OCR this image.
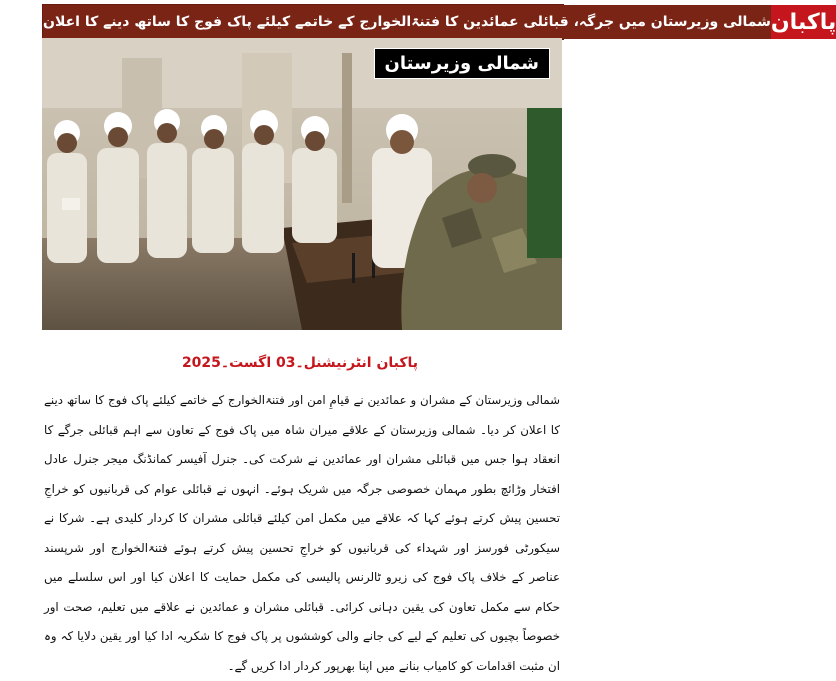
شمالی وزیرستان میں جرگہ، قبائلی عمائدین کا فتنۃالخوارج کے خاتمے کیلئے پاک فوج کا ساتھ دینے کا اعلان پاکبان
شمالی وزیرستان
پاکبان انٹرنیشنل۔03 اگست۔2025

شمالی وزیرستان کے مشران و عمائدین نے قیامِ امن اور فتنۃالخوارج کے خاتمے کیلئے پاک فوج کا ساتھ دینے کا اعلان کر دیا۔ شمالی وزیرستان کے علاقے میران شاہ میں پاک فوج کے تعاون سے اہم قبائلی جرگے کا انعقاد ہوا جس میں قبائلی مشران اور عمائدین نے شرکت کی۔ جنرل آفیسر کمانڈنگ میجر جنرل عادل افتخار وڑائچ بطور مہمان خصوصی جرگہ میں شریک ہوئے۔ انہوں نے قبائلی عوام کی قربانیوں کو خراجِ تحسین پیش کرتے ہوئے کہا کہ علاقے میں مکمل امن کیلئے قبائلی مشران کا کردار کلیدی ہے۔ شرکا نے سیکورٹی فورسز اور شہداء کی قربانیوں کو خراجِ تحسین پیش کرتے ہوئے فتنۃالخوارج اور شرپسند عناصر کے خلاف پاک فوج کی زیرو ٹالرنس پالیسی کی مکمل حمایت کا اعلان کیا اور اس سلسلے میں حکام سے مکمل تعاون کی یقین دہانی کرائی۔ قبائلی مشران و عمائدین نے علاقے میں تعلیم، صحت اور خصوصاً بچیوں کی تعلیم کے لیے کی جانے والی کوششوں پر پاک فوج کا شکریہ ادا کیا اور یقین دلایا کہ وہ ان مثبت اقدامات کو کامیاب بنانے میں اپنا بھرپور کردار ادا کریں گے۔
